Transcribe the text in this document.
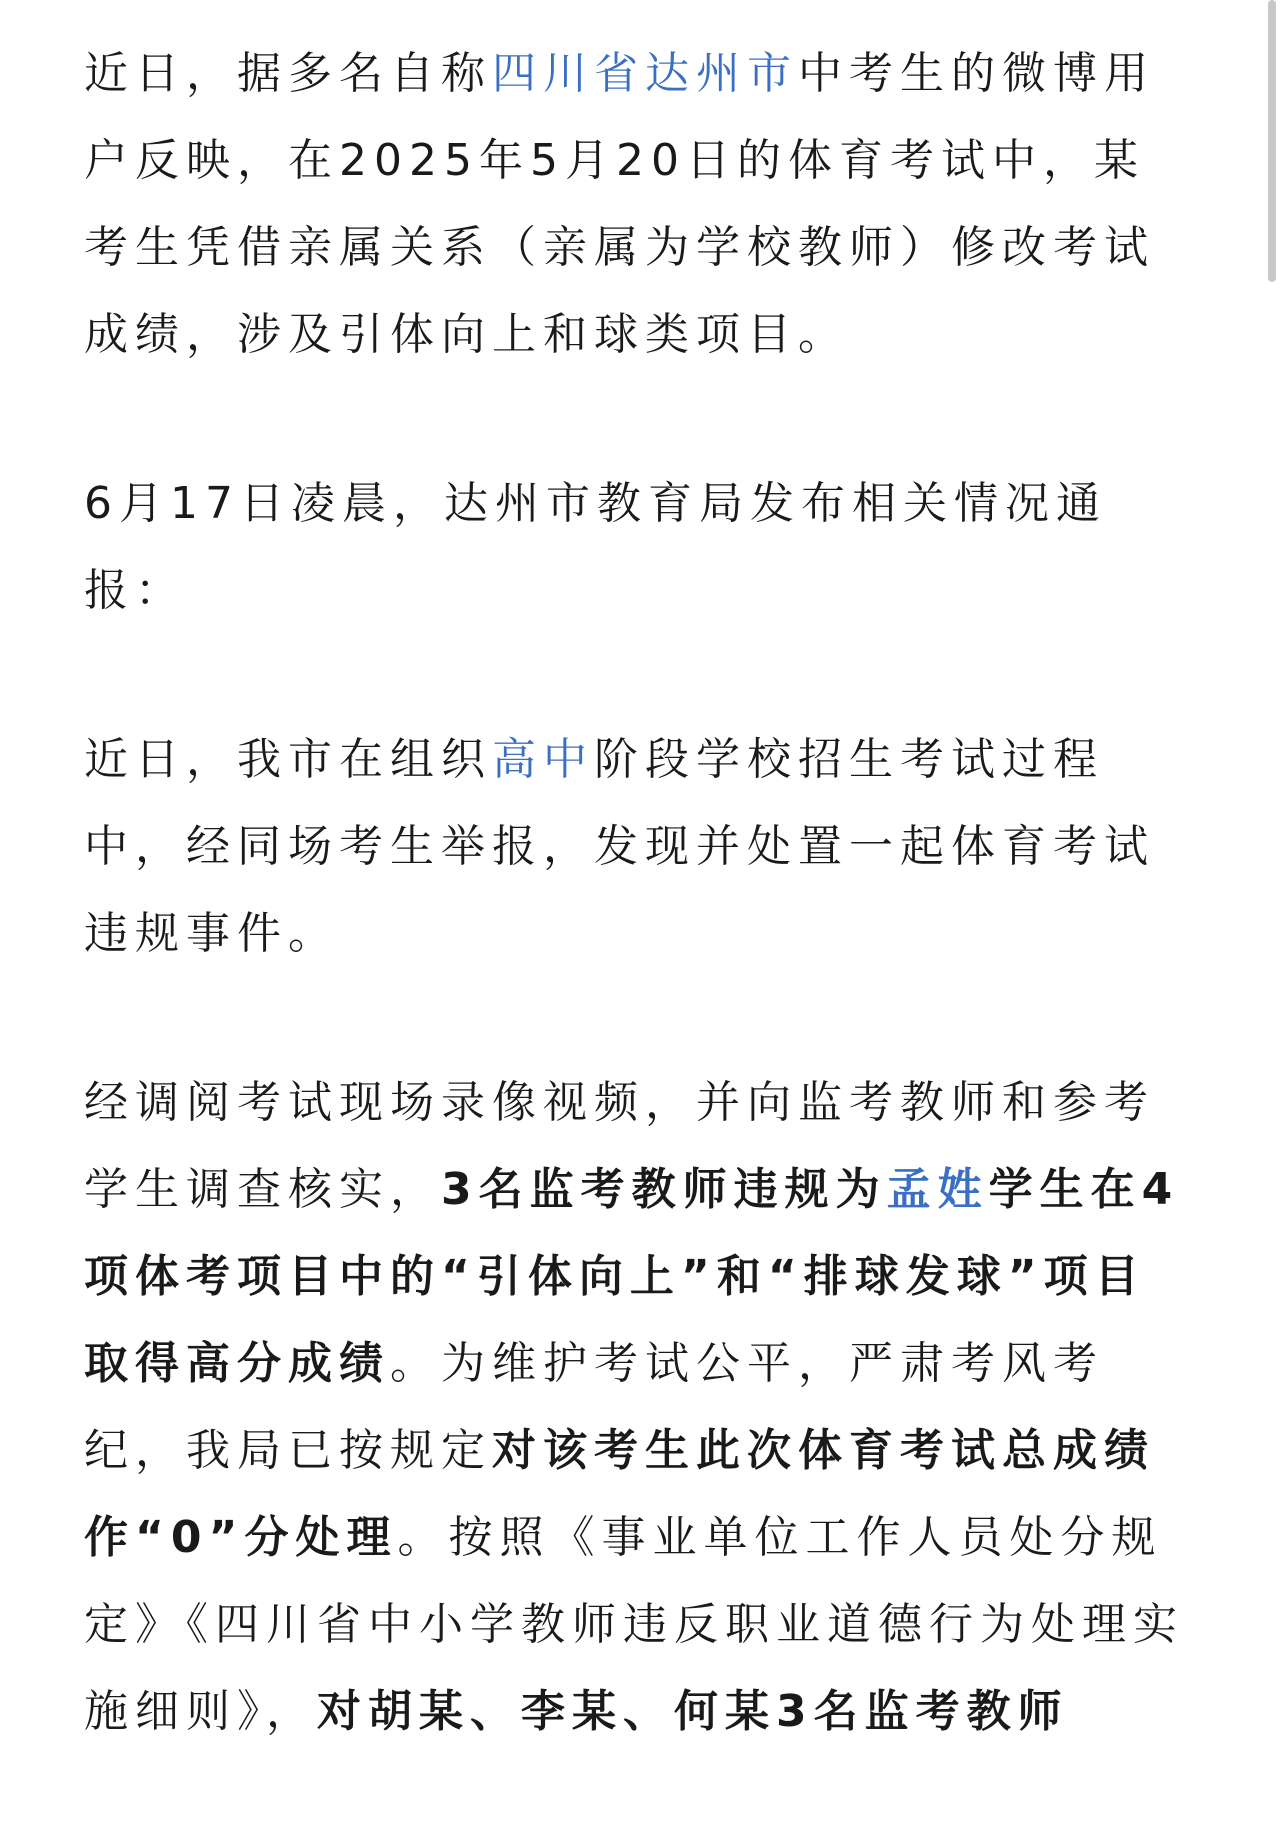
近日，据多名自称四川省达州市中考生的微博用户反映，在2025年5月20日的体育考试中，某考生凭借亲属关系（亲属为学校教师）修改考试成绩，涉及引体向上和球类项目。

6月17日凌晨，达州市教育局发布相关情况通报：

近日，我市在组织高中阶段学校招生考试过程中，经同场考生举报，发现并处置一起体育考试违规事件。

经调阅考试现场录像视频，并向监考教师和参考学生调查核实，3名监考教师违规为孟姓学生在4项体考项目中的“引体向上”和“排球发球”项目取得高分成绩。为维护考试公平，严肃考风考纪，我局已按规定对该考生此次体育考试总成绩作“0”分处理。按照《事业单位工作人员处分规定》《四川省中小学教师违反职业道德行为处理实施细则》，对胡某、李某、何某3名监考教师
